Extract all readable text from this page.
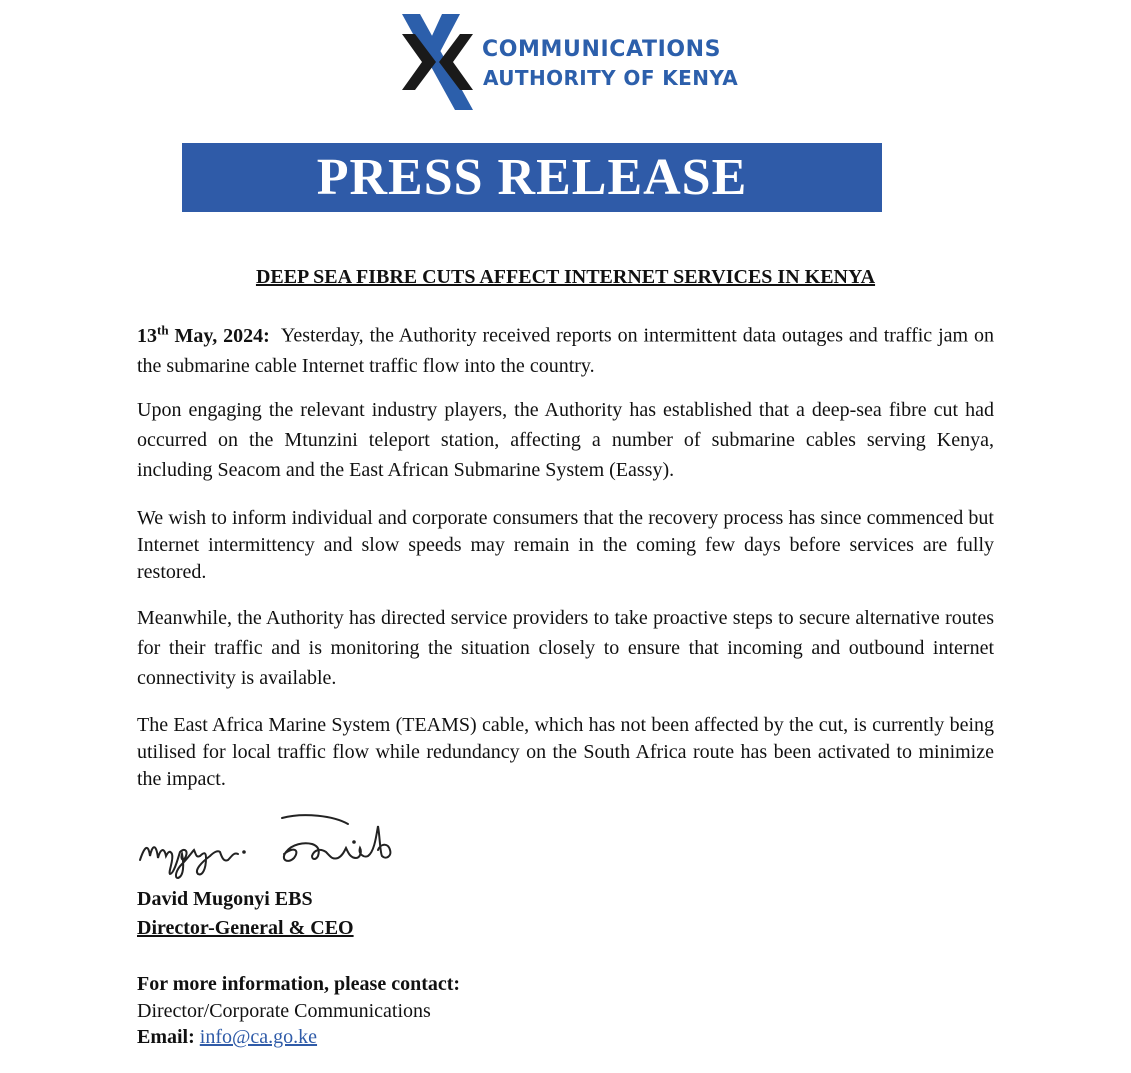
COMMUNICATIONS
AUTHORITY OF KENYA
PRESS RELEASE
DEEP SEA FIBRE CUTS AFFECT INTERNET SERVICES IN KENYA
13th May, 2024: Yesterday, the Authority received reports on intermittent data outages and traffic jam on the submarine cable Internet traffic flow into the country.
Upon engaging the relevant industry players, the Authority has established that a deep-sea fibre cut had occurred on the Mtunzini teleport station, affecting a number of submarine cables serving Kenya, including Seacom and the East African Submarine System (Eassy).
We wish to inform individual and corporate consumers that the recovery process has since commenced but Internet intermittency and slow speeds may remain in the coming few days before services are fully restored.
Meanwhile, the Authority has directed service providers to take proactive steps to secure alternative routes for their traffic and is monitoring the situation closely to ensure that incoming and outbound internet connectivity is available.
The East Africa Marine System (TEAMS) cable, which has not been affected by the cut, is currently being utilised for local traffic flow while redundancy on the South Africa route has been activated to minimize the impact.
David Mugonyi EBS
Director-General & CEO
For more information, please contact:
Director/Corporate Communications
Email: info@ca.go.ke
